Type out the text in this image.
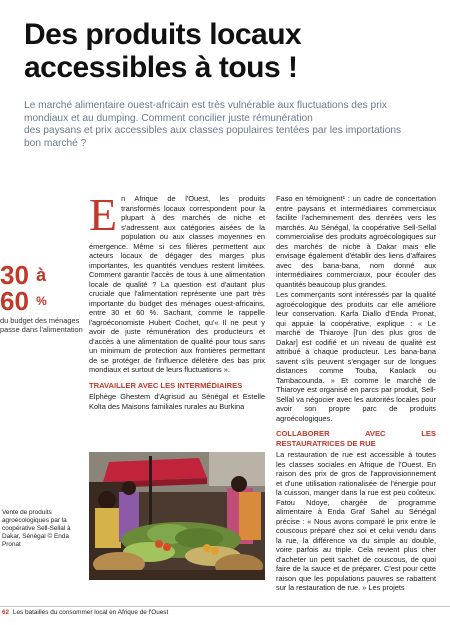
Des produits locaux

accessibles à tous !
Le marché alimentaire ouest-africain est très vulnérable aux fluctuations des prix
mondiaux et au dumping. Comment concilier juste rémunération
des paysans et prix accessibles aux classes populaires tentées par les importations
bon marché ?
30 $^à$
60 %
du budget des ménages passe dans l'alimentation
E n Afrique de l'Ouest, les produits transformés locaux correspondent pour la plupart à des marchés de niche et s'adressent aux catégories aisées de la population ou aux classes moyennes en émergence. Même si ces filières permettent aux acteurs locaux de dégager des marges plus importantes, les quantités vendues restent limitées. Comment garantir l'accès de tous à une alimentation locale de qualité ? La question est d'autant plus cruciale que l'alimentation représente une part très importante du budget des ménages ouest-africains, entre 30 et 60 %. Sachant, comme le rappelle l'agroéconomiste Hubert Cochet, qu'« Il ne peut y avoir de juste rémunération des producteurs et d'accès à une alimentation de qualité pour tous sans un minimum de protection aux frontières permettant de se protéger de l'influence délétère des bas prix mondiaux et surtout de leurs fluctuations ».

TRAVAILLER AVEC LES INTERMÉDIAIRES

Elphège Ghestem d'Agrisud au Sénégal et Estelle Kolta des Maisons familiales rurales au Burkina

Faso en témoignent¹ : un cadre de concertation entre paysans et intermédiaires commerciaux facilite l'acheminement des denrées vers les marchés. Au Sénégal, la coopérative Sell-Sellal commercialise des produits agroécologiques sur des marchés de niche à Dakar mais elle envisage également d'établir des liens d'affaires avec des bana-bana, nom donné aux intermédiaires commerciaux, pour écouler des quantités beaucoup plus grandes.

Les commerçants sont intéressés par la qualité agroécologique des produits car elle améliore leur conservation. Karfa Diallo d'Enda Pronat, qui appuie la coopérative, explique : « Le marché de Thiaroye [l'un des plus gros de Dakar] est codifié et un niveau de qualité est attribué à chaque producteur. Les bana-bana savent s'ils peuvent s'engager sur de longues distances comme Touba, Kaolack ou Tambacounda. » Et comme le marché de Thiaroye est organisé en parcs par produit, Sell-Sellal va négocier avec les autorités locales pour avoir son propre parc de produits agroécologiques.

COLLABORER AVEC LES RESTAURATRICES DE RUE

La restauration de rue est accessible à toutes les classes sociales en Afrique de l'Ouest. En raison des prix de gros de l'approvisionnement et d'une utilisation rationalisée de l'énergie pour la cuisson, manger dans la rue est peu coûteux. Fatou Ndoye, chargée de programme alimentaire à Enda Graf Sahel au Sénégal précise : « Nous avons comparé le prix entre le couscous préparé chez soi et celui vendu dans la rue, la différence va du simple au double, voire parfois au triple. Cela revient plus cher d'acheter un petit sachet de couscous, de quoi faire de la sauce et de préparer. C'est pour cette raison que les populations pauvres se rabattent sur la restauration de rue. » Les projets

Vente de produits agroécologiques par la coopérative Sell-Sellal à Dakar, Sénégal © Enda Pronat
62 Les batailles du consommer local en Afrique de l'Ouest
